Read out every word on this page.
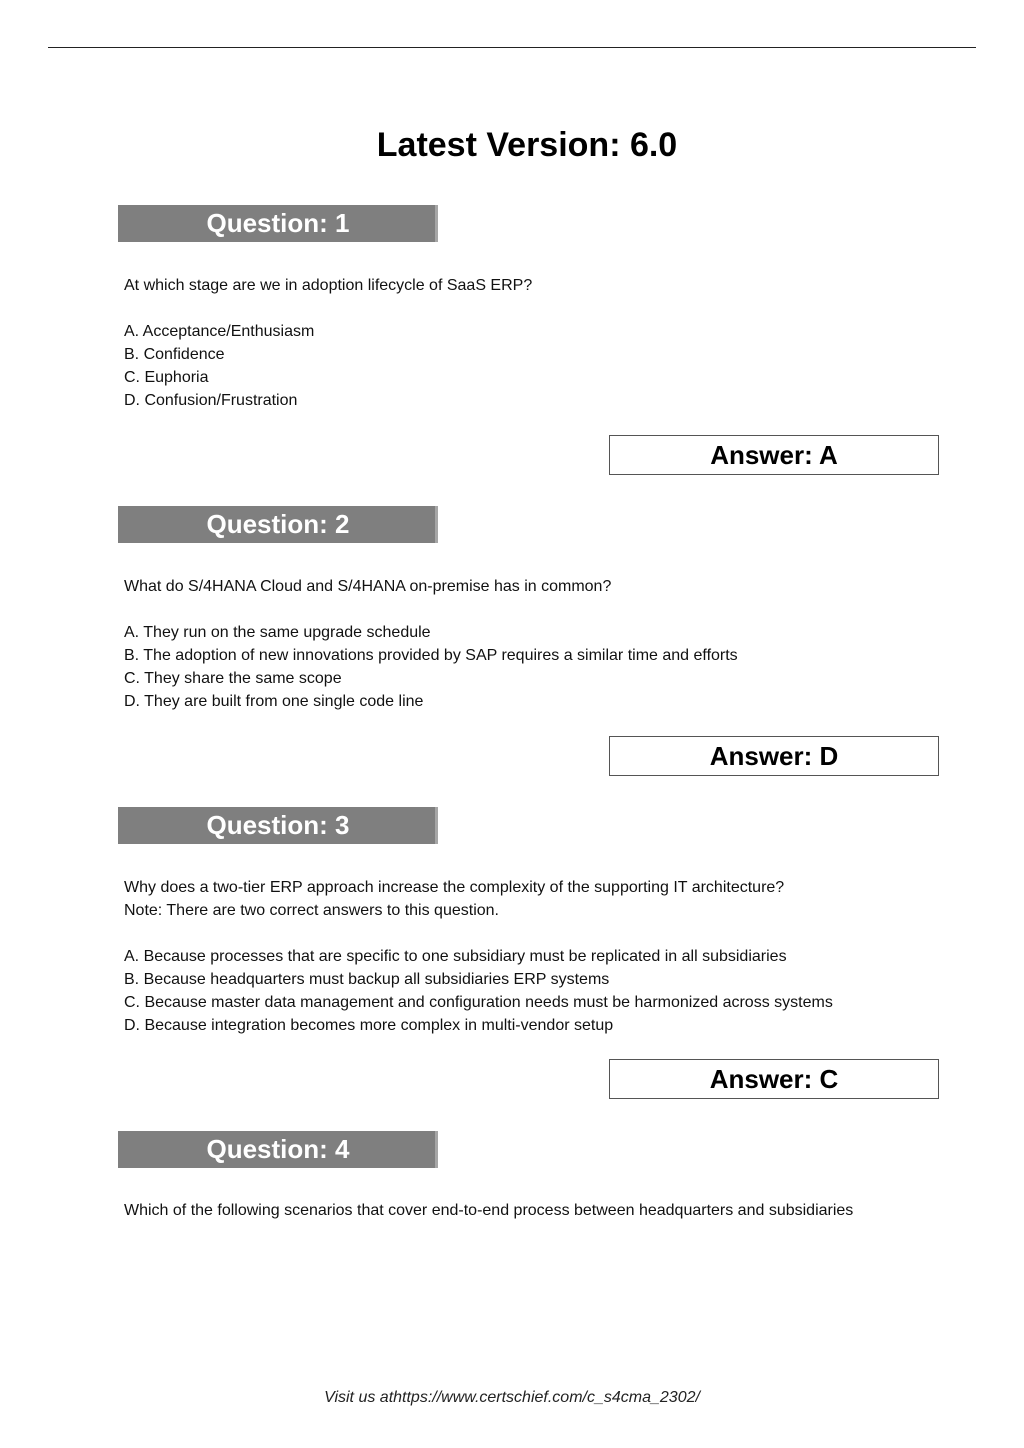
Latest Version: 6.0
Question: 1
At which stage are we in adoption lifecycle of SaaS ERP?
A. Acceptance/Enthusiasm
B. Confidence
C. Euphoria
D. Confusion/Frustration
Answer: A
Question: 2
What do S/4HANA Cloud and S/4HANA on-premise has in common?
A. They run on the same upgrade schedule
B. The adoption of new innovations provided by SAP requires a similar time and efforts
C. They share the same scope
D. They are built from one single code line
Answer: D
Question: 3
Why does a two-tier ERP approach increase the complexity of the supporting IT architecture?
Note: There are two correct answers to this question.
A. Because processes that are specific to one subsidiary must be replicated in all subsidiaries
B. Because headquarters must backup all subsidiaries ERP systems
C. Because master data management and configuration needs must be harmonized across systems
D. Because integration becomes more complex in multi-vendor setup
Answer: C
Question: 4
Which of the following scenarios that cover end-to-end process between headquarters and subsidiaries
Visit us athttps://www.certschief.com/c_s4cma_2302/
